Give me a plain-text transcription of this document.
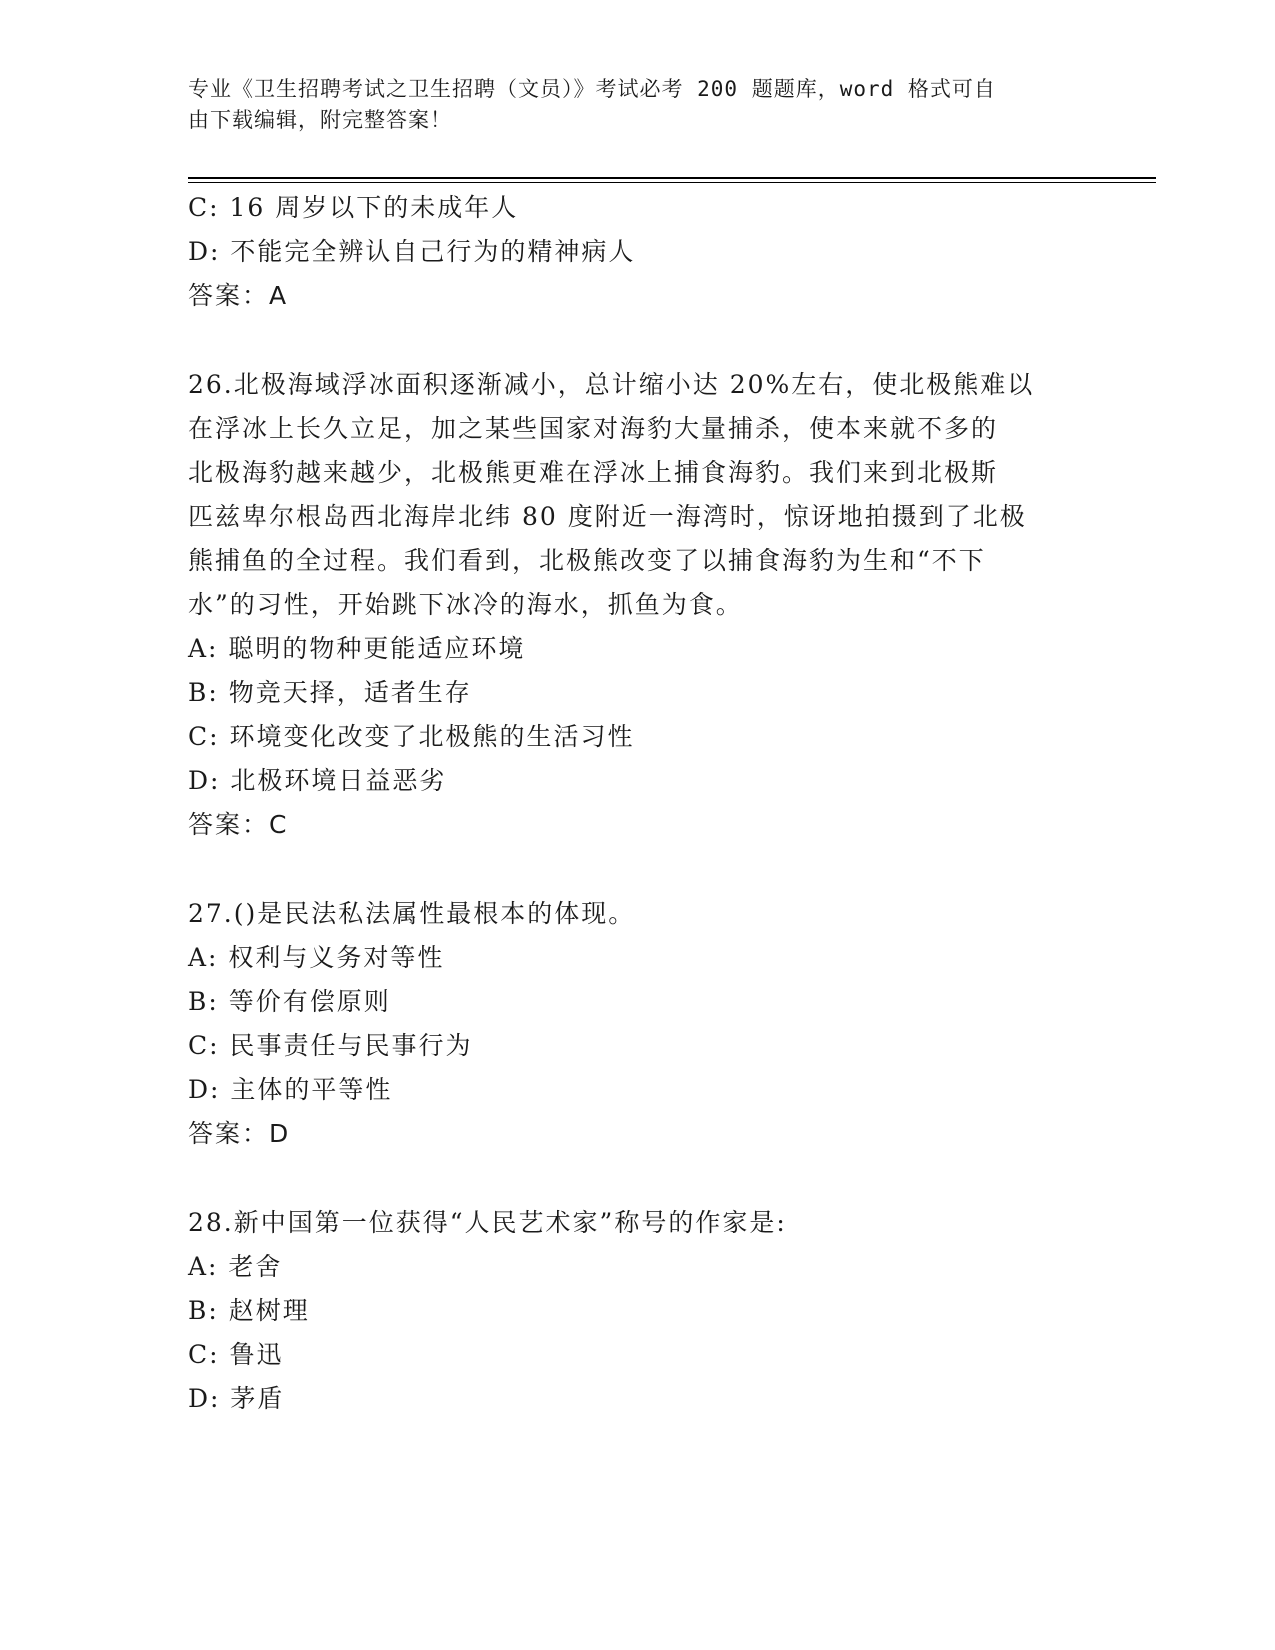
专业《卫生招聘考试之卫生招聘（文员）》考试必考 200 题题库，word 格式可自
由下载编辑，附完整答案！
C: 16 周岁以下的未成年人
D: 不能完全辨认自己行为的精神病人
答案：A
26.北极海域浮冰面积逐渐减小，总计缩小达 20%左右，使北极熊难以
在浮冰上长久立足，加之某些国家对海豹大量捕杀，使本来就不多的
北极海豹越来越少，北极熊更难在浮冰上捕食海豹。我们来到北极斯
匹兹卑尔根岛西北海岸北纬 80 度附近一海湾时，惊讶地拍摄到了北极
熊捕鱼的全过程。我们看到，北极熊改变了以捕食海豹为生和“不下
水”的习性，开始跳下冰冷的海水，抓鱼为食。
A: 聪明的物种更能适应环境
B: 物竞天择，适者生存
C: 环境变化改变了北极熊的生活习性
D: 北极环境日益恶劣
答案：C
27.()是民法私法属性最根本的体现。
A: 权利与义务对等性
B: 等价有偿原则
C: 民事责任与民事行为
D: 主体的平等性
答案：D
28.新中国第一位获得“人民艺术家”称号的作家是:
A: 老舍
B: 赵树理
C: 鲁迅
D: 茅盾
